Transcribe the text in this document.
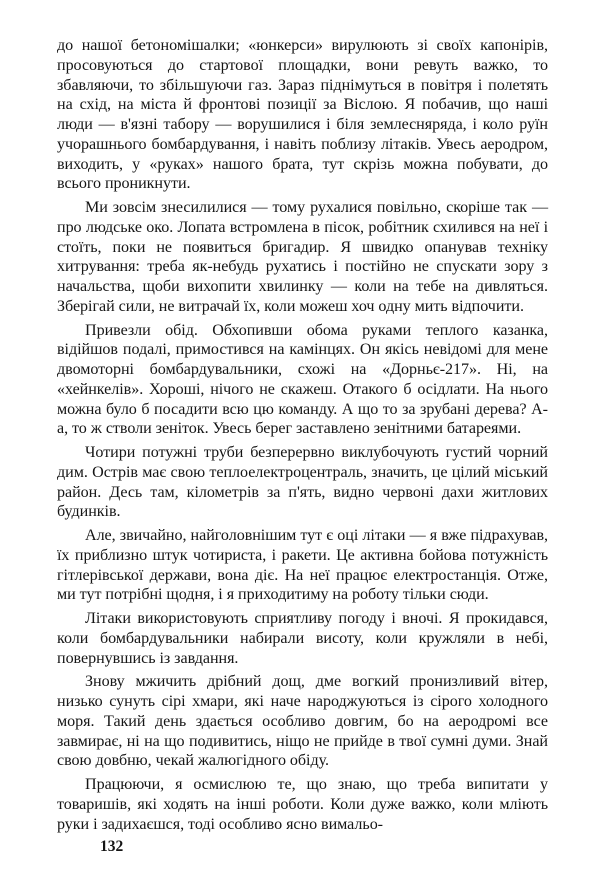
до нашої бетономішалки; «юнкерси» вирулюють зі своїх капонірів, просовуються до стартової площадки, вони ревуть важко, то збавляючи, то збільшуючи газ. Зараз піднімуться в повітря і полетять на схід, на міста й фронтові позиції за Віслою. Я побачив, що наші люди — в'язні табору — ворушилися і біля землесняряда, і коло руїн учорашнього бомбардування, і навіть поблизу літаків. Увесь аеродром, виходить, у «руках» нашого брата, тут скрізь можна побувати, до всього проникнути.

Ми зовсім знесилилися — тому рухалися повільно, скоріше так — про людське око. Лопата встромлена в пісок, робітник схилився на неї і стоїть, поки не появиться бригадир. Я швидко опанував техніку хитрування: треба як-небудь рухатись і постійно не спускати зору з начальства, щоби вихопити хвилинку — коли на тебе на дивляться. Зберігай сили, не витрачай їх, коли можеш хоч одну мить відпочити.

Привезли обід. Обхопивши обома руками теплого казанка, відійшов подалі, примостився на камінцях. Он якісь невідомі для мене двомоторні бомбардувальники, схожі на «Дорньє-217». Ні, на «хейнкелів». Хороші, нічого не скажеш. Отакого б осідлати. На нього можна було б посадити всю цю команду. А що то за зрубані дерева? А-а, то ж стволи зеніток. Увесь берег заставлено зенітними батареями.

Чотири потужні труби безперервно виклубочують густий чорний дим. Острів має свою теплоелектроцентраль, значить, це цілий міський район. Десь там, кілометрів за п'ять, видно червоні дахи житлових будинків.

Але, звичайно, найголовнішим тут є оці літаки — я вже підрахував, їх приблизно штук чотириста, і ракети. Це активна бойова потужність гітлерівської держави, вона діє. На неї працює електростанція. Отже, ми тут потрібні щодня, і я приходитиму на роботу тільки сюди.

Літаки використовують сприятливу погоду і вночі. Я прокидався, коли бомбардувальники набирали висоту, коли кружляли в небі, повернувшись із завдання.

Знову мжичить дрібний дощ, дме вогкий пронизливий вітер, низько сунуть сірі хмари, які наче народжуються із сірого холодного моря. Такий день здається особливо довгим, бо на аеродромі все завмирає, ні на що подивитись, ніщо не прийде в твої сумні думи. Знай свою довбню, чекай жалюгідного обіду.

Працюючи, я осмислюю те, що знаю, що треба випитати у товаришів, які ходять на інші роботи. Коли дуже важко, коли мліють руки і задихаєшся, тоді особливо ясно вимальо-

132
